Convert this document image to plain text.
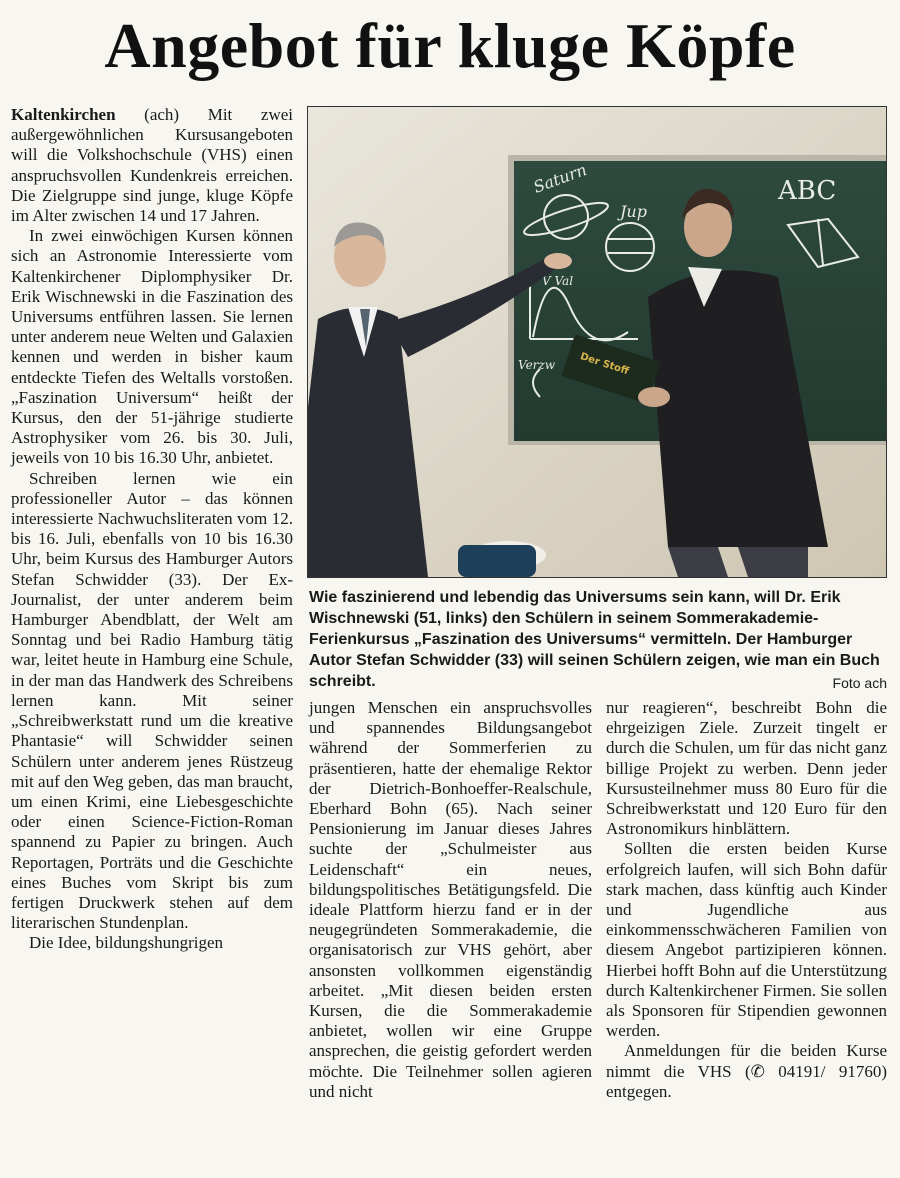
Angebot für kluge Köpfe

Kaltenkirchen (ach) Mit zwei außergewöhnlichen Kursusangeboten will die Volkshochschule (VHS) einen anspruchsvollen Kundenkreis erreichen. Die Zielgruppe sind junge, kluge Köpfe im Alter zwischen 14 und 17 Jahren.

In zwei einwöchigen Kursen können sich an Astronomie Interessierte vom Kaltenkirchener Diplomphysiker Dr. Erik Wischnewski in die Faszination des Universums entführen lassen. Sie lernen unter anderem neue Welten und Galaxien kennen und werden in bisher kaum entdeckte Tiefen des Weltalls vorstoßen. „Faszination Universum“ heißt der Kursus, den der 51-jährige studierte Astrophysiker vom 26. bis 30. Juli, jeweils von 10 bis 16.30 Uhr, anbietet.

Schreiben lernen wie ein professioneller Autor – das können interessierte Nachwuchsliteraten vom 12. bis 16. Juli, ebenfalls von 10 bis 16.30 Uhr, beim Kursus des Hamburger Autors Stefan Schwidder (33). Der Ex-Journalist, der unter anderem beim Hamburger Abendblatt, der Welt am Sonntag und bei Radio Hamburg tätig war, leitet heute in Hamburg eine Schule, in der man das Handwerk des Schreibens lernen kann. Mit seiner „Schreibwerkstatt rund um die kreative Phantasie“ will Schwidder seinen Schülern unter anderem jenes Rüstzeug mit auf den Weg geben, das man braucht, um einen Krimi, eine Liebesgeschichte oder einen Science-Fiction-Roman spannend zu Papier zu bringen. Auch Reportagen, Porträts und die Geschichte eines Buches vom Skript bis zum fertigen Druckwerk stehen auf dem literarischen Stundenplan.

Die Idee, bildungshungrigen

Saturn
Jup
ABC
V Val
Verzw Der Stoff
Wie faszinierend und lebendig das Universums sein kann, will Dr. Erik Wischnewski (51, links) den Schülern in seinem Sommerakademie-Ferienkursus „Faszination des Universums“ vermitteln. Der Hamburger Autor Stefan Schwidder (33) will seinen Schülern zeigen, wie man ein Buch schreibt.	Foto ach

jungen Menschen ein anspruchsvolles und spannendes Bildungsangebot während der Sommerferien zu präsentieren, hatte der ehemalige Rektor der Dietrich-Bonhoeffer-Realschule, Eberhard Bohn (65). Nach seiner Pensionierung im Januar dieses Jahres suchte der „Schulmeister aus Leidenschaft“ ein neues, bildungspolitisches Betätigungsfeld. Die ideale Plattform hierzu fand er in der neugegründeten Sommerakademie, die organisatorisch zur VHS gehört, aber ansonsten vollkommen eigenständig arbeitet. „Mit diesen beiden ersten Kursen, die die Sommerakademie anbietet, wollen wir eine Gruppe ansprechen, die geistig gefordert werden möchte. Die Teilnehmer sollen agieren und nicht

nur reagieren“, beschreibt Bohn die ehrgeizigen Ziele. Zurzeit tingelt er durch die Schulen, um für das nicht ganz billige Projekt zu werben. Denn jeder Kursusteilnehmer muss 80 Euro für die Schreibwerkstatt und 120 Euro für den Astronomikurs hinblättern.

Sollten die ersten beiden Kurse erfolgreich laufen, will sich Bohn dafür stark machen, dass künftig auch Kinder und Jugendliche aus einkommensschwächeren Familien von diesem Angebot partizipieren können. Hierbei hofft Bohn auf die Unterstützung durch Kaltenkirchener Firmen. Sie sollen als Sponsoren für Stipendien gewonnen werden.

Anmeldungen für die beiden Kurse nimmt die VHS (✆ 04191/ 91760) entgegen.
